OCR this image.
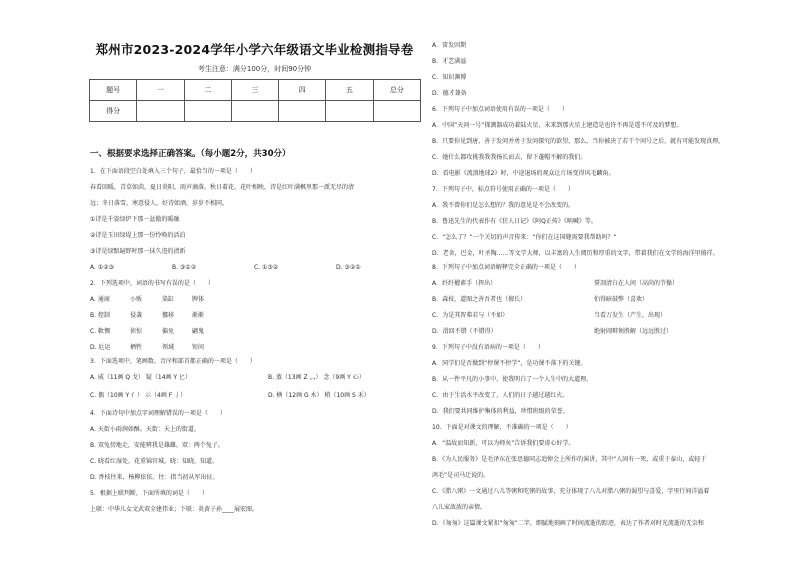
郑州市2023-2024学年小学六年级语文毕业检测指导卷
考生注意：满分100分，时间90分钟
题号	一	二	三	四	五	总分
得分						
一、根据要求选择正确答案。（每小题2分，共30分）
1．在下面语段空白处填入三个句子，最恰当的一项是（　　）
春看回暖，青草如茵，夏日炎阳，雨声滴落，秋日着花，花叶相映，诗是红叶满枫里那一派无尽的清
远；冬日落雪，寒意侵人，好诗如酒，岁岁不相同。
①诗是千姿绿炉下那一盆傲的暖融
②诗是玉田绿堤上那一份怜唤的活泊
③诗是绿黯遍野时那一抹久违的清新
A. ①②③	B. ③①②	C. ①③②	D. ③②①
2．下列选项中，词语的书写有误的是（　　）
A. 通商	小贩	染缸	脾体
B. 控制	侵袭	挪移	渐渐
C. 軟惆	侦惊	偏免	翩鬼
D. 厄运	栖牲	领域	短问
3．下面选项中，笔画数、音序和部首都正确的一项是（　　）
A. 威（11画 Q 戈） 疑（14画 Y 匕）	B. 蒸（13画 Z 灬） 念（9画 Y 心）
C. 偶（10画 Y 亻） 示（4画 F 亅）	D. 横（12画 G 木） 稍（10画 S 禾）
4．下面诗句中加点字词理解错误的一项是（　　）
A. 天街小雨润如酥。天街：天上的街道。
B. 双兔傍地走，安能辨我是雄雌。双：两个兔子。
C. 晓看红湿处，花重锦官城。晓：知晓，知道。
D. 香枝往来，杨柳依依。往：指当初从军出征。
5．根据上联判断，下面所填的词是（　　）
上联：中华儿女文武双全建伟业；下联：炎黄子孙____展宏图。
A．雷发因期
B．才艺满溢
C．知识渊博
D．德才兼备
6．下列句子中加点词语使用有误的一项是（　　）
A．中国“天问一号”探测器成功着陆火星，未来到那火星上建造是也许不再是遥不可及的梦想。
B．只要你见到唐，善于发问并勇于发问探究的欲望，那么，当你被决了若干个问号之后，就有可能发现真理。
C．她什么都攻挑我我我扬长而去，留下蓬帽不解的我们。
D．看电影《流浪地球2》时，中途退场的观众让片场变得风毛麟角。
7．下列句子中，标点符号使用正确的一项是（　　）
A．我不曾你们是怎么想的？我的意见是不会改变的。
B．鲁迅先生的代表作有《狂人日记》《阿Q正传》《呐喊》等。
C．“怎么了？”一个关切的声音传来：“你们在这国缝需要我帮助吗？”
D．老舍，巴金，叶圣陶……等文学大师，以丰富的人生阅历和厚重的文字，带着我们在文学的海洋里徜徉。
8．下列句子中加点词语解释完全正确的一项是（　　）
A．纤纤擢素手（挥出）	誓剖清白在人间（高尚的节操）
B．森枝，道图之善吾者也（擅长）	怕得暗鼓弊（喜欢）
C．为是其智弗若与（不如）	当看万发生（产生，出现）
D．滑回不错（不错得）	绝射闹辩须胜解（远远胜过）
9．下列句子中没有语病的一项是（　　）
A．同学们是否做到“停课不停学”，是功课不落下的关键。
B．从一件平凡的小事中，使我明白了一个人生中的大道理。
C．由于生活水平改变了，人们的日子越过越红火。
D．我们要共同维护集体的利益，珍惜班级的荣誉。
10．下面是对课文的理解，不准确的一项是（　　）
A．“温故而知新，可以为师矣”告诉我们要虚心好学。
B．《为人民服务》是毛泽东在张思德同志追悼会上所作的演讲，其中“人固有一死，或重于泰山，或轻于
鸿毛”是司马迁说的。
C．《腊八粥》一文通过八儿等粥和吃粥的故事，充分体现了八儿对腊八粥的渴望与喜爱，字里行间洋溢着
八儿家浓浓的亲情。
D．《匆匆》这篇课文紧扣“匆匆”二字，细腻地刻画了时间流逝的踪迹，表达了作者对时光流逝的无奈和
